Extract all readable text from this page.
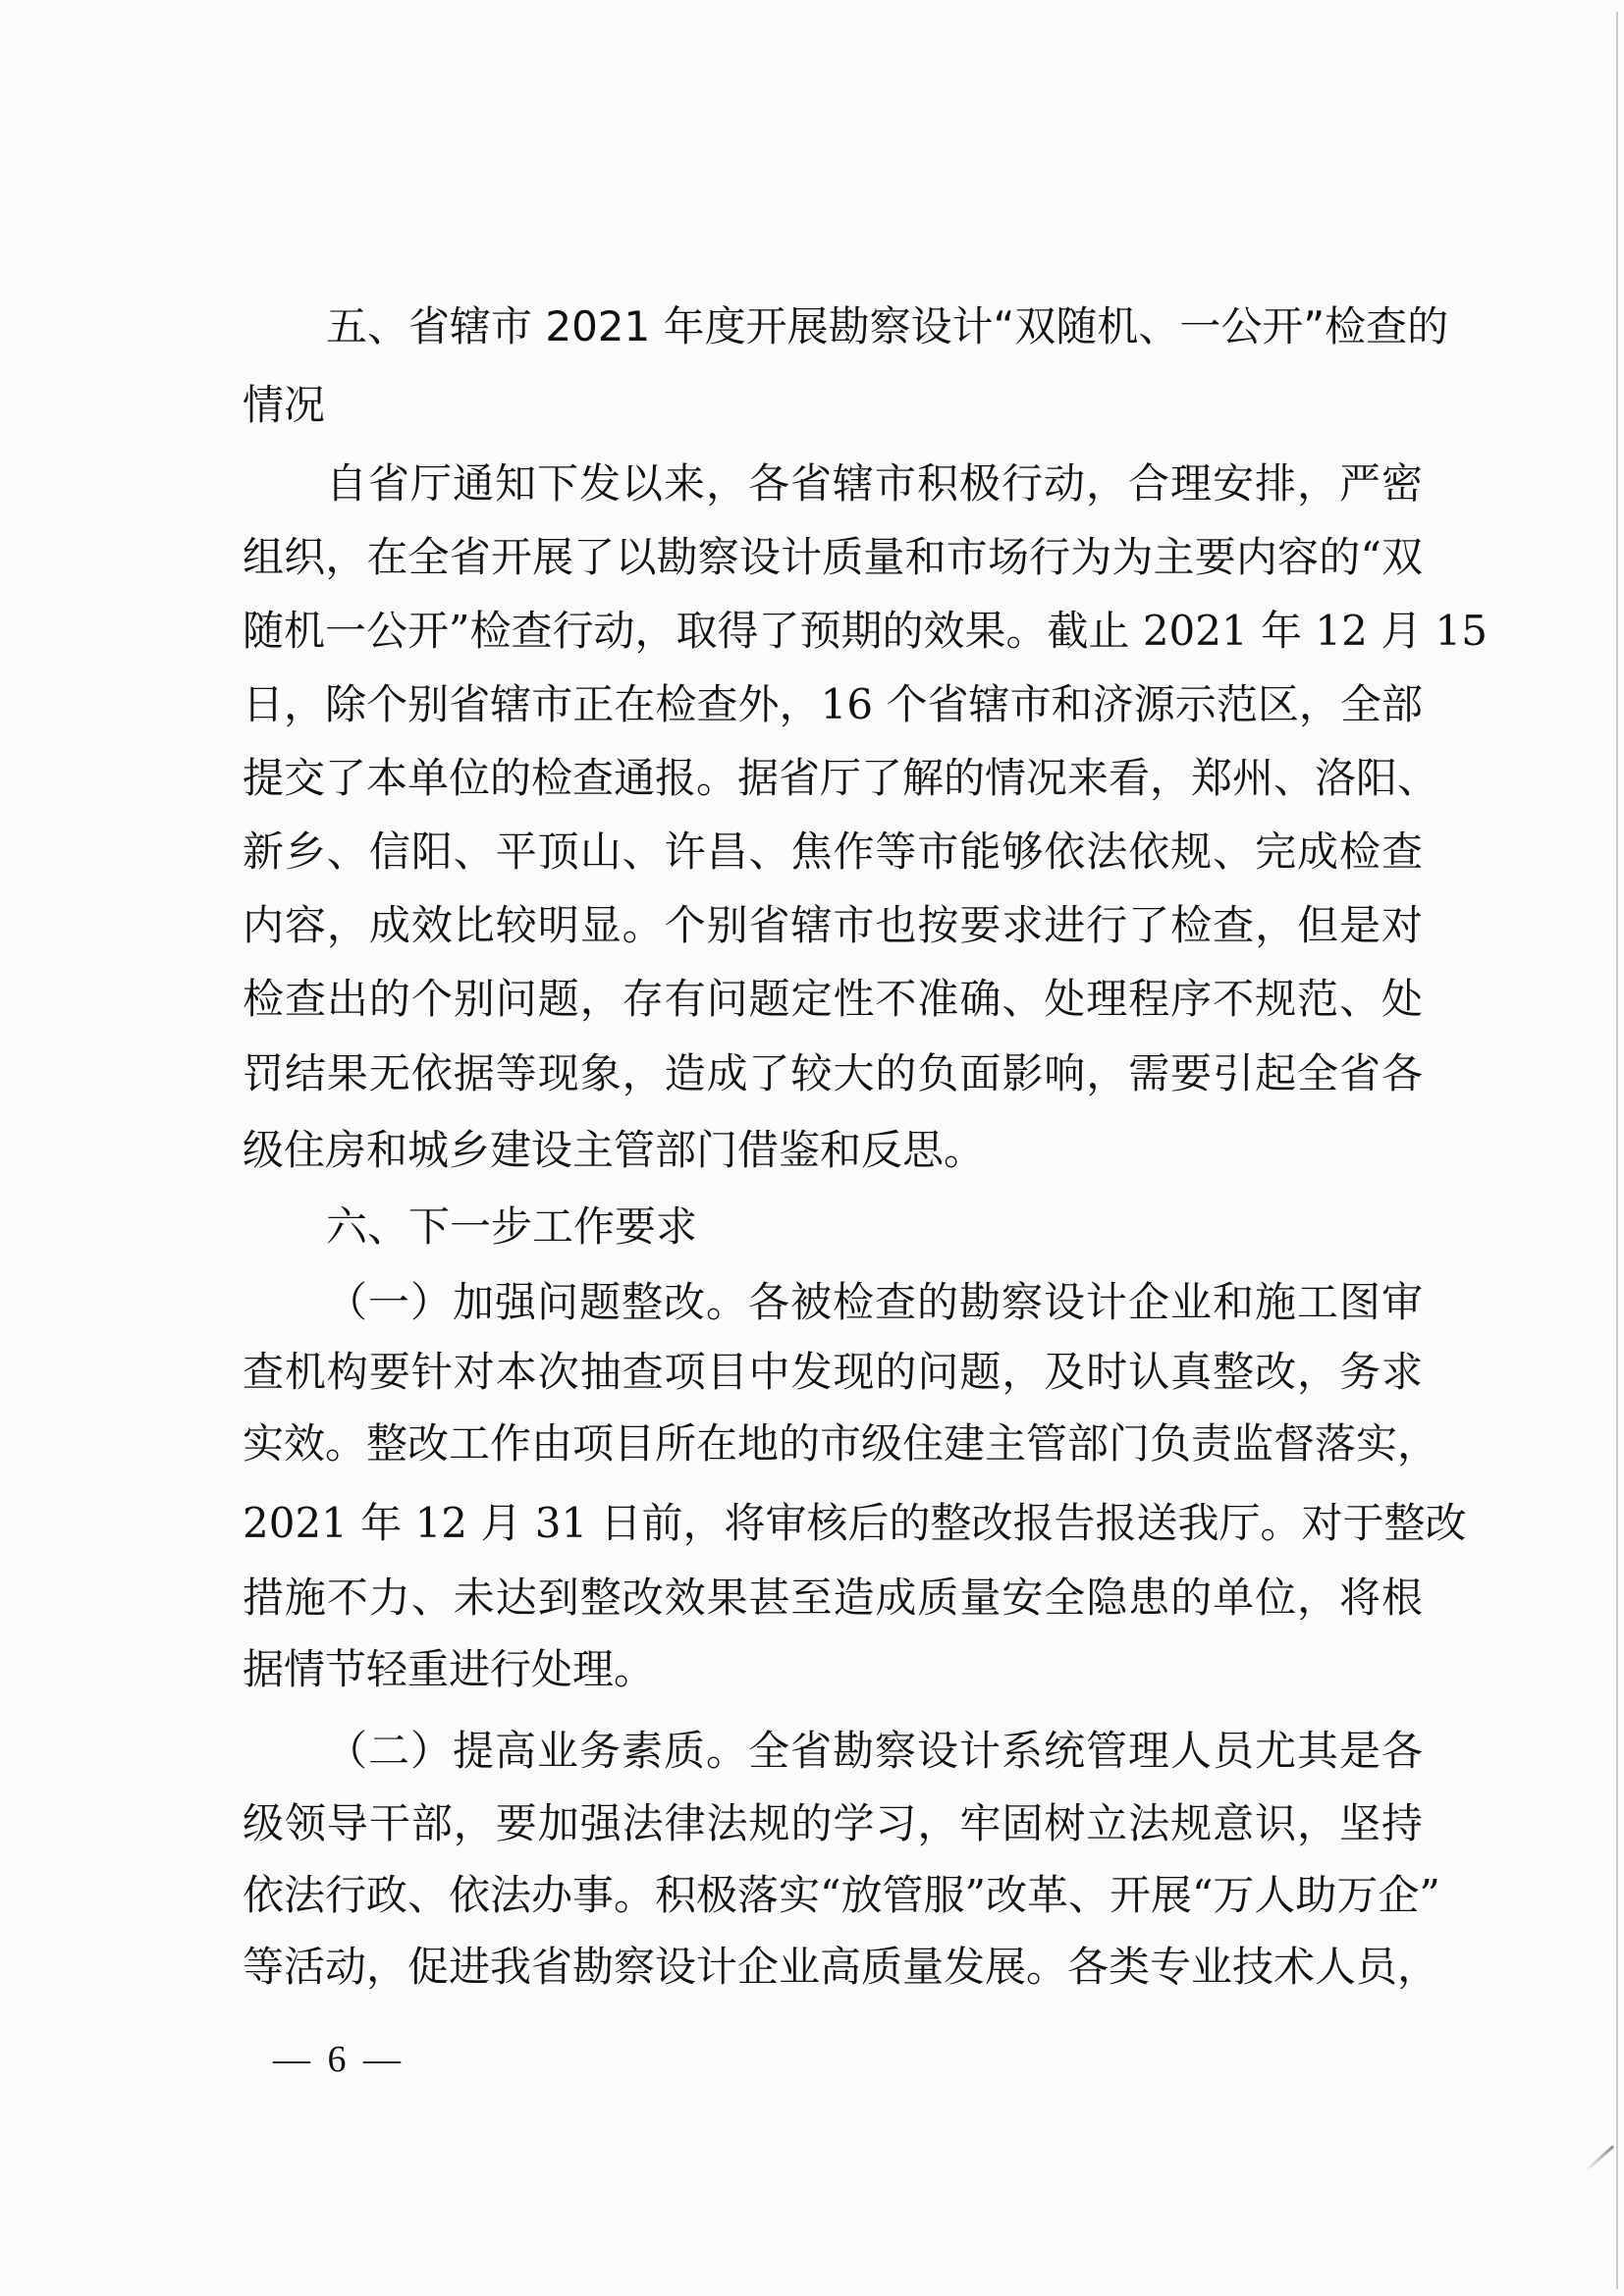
五、省辖市 2021 年度开展勘察设计“双随机、一公开”检查的
情况
自省厅通知下发以来，各省辖市积极行动，合理安排，严密
组织，在全省开展了以勘察设计质量和市场行为为主要内容的“双
随机一公开”检查行动，取得了预期的效果。截止 2021 年 12 月 15
日，除个别省辖市正在检查外，16 个省辖市和济源示范区，全部
提交了本单位的检查通报。据省厅了解的情况来看，郑州、洛阳、
新乡、信阳、平顶山、许昌、焦作等市能够依法依规、完成检查
内容，成效比较明显。个别省辖市也按要求进行了检查，但是对
检查出的个别问题，存有问题定性不准确、处理程序不规范、处
罚结果无依据等现象，造成了较大的负面影响，需要引起全省各
级住房和城乡建设主管部门借鉴和反思。
六、下一步工作要求
（一）加强问题整改。各被检查的勘察设计企业和施工图审
查机构要针对本次抽查项目中发现的问题，及时认真整改，务求
实效。整改工作由项目所在地的市级住建主管部门负责监督落实，
2021 年 12 月 31 日前，将审核后的整改报告报送我厅。对于整改
措施不力、未达到整改效果甚至造成质量安全隐患的单位，将根
据情节轻重进行处理。
（二）提高业务素质。全省勘察设计系统管理人员尤其是各
级领导干部，要加强法律法规的学习，牢固树立法规意识，坚持
依法行政、依法办事。积极落实“放管服”改革、开展“万人助万企”
等活动，促进我省勘察设计企业高质量发展。各类专业技术人员，
— 6 —
